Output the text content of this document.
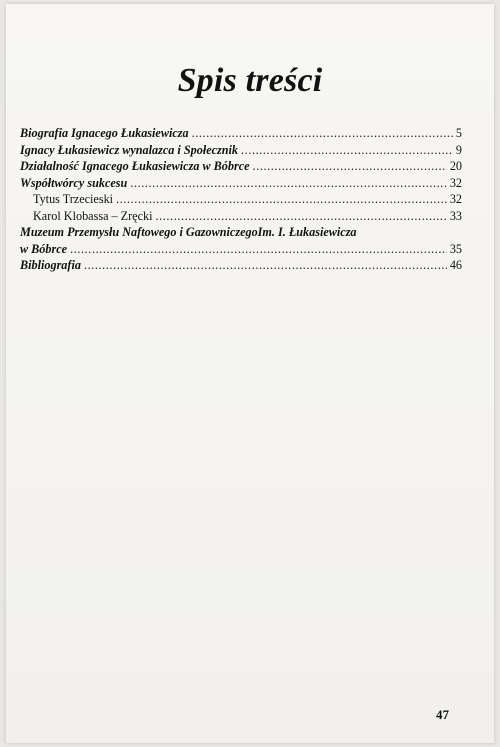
Spis treści
Biografia Ignacego Łukasiewicza .....	5
Ignacy Łukasiewicz wynalazca i Społecznik .....	9
Działalność Ignacego Łukasiewicza w Bóbrce .....	20
Współtwórcy sukcesu .....	32
Tytus Trzecieski .....	32
Karol Klobassa – Zręcki .....	33
Muzeum Przemysłu Naftowego i GazowniczegoIm. I. Łukasiewicza
w Bóbrce .....	35
Bibliografia .....	46
47
